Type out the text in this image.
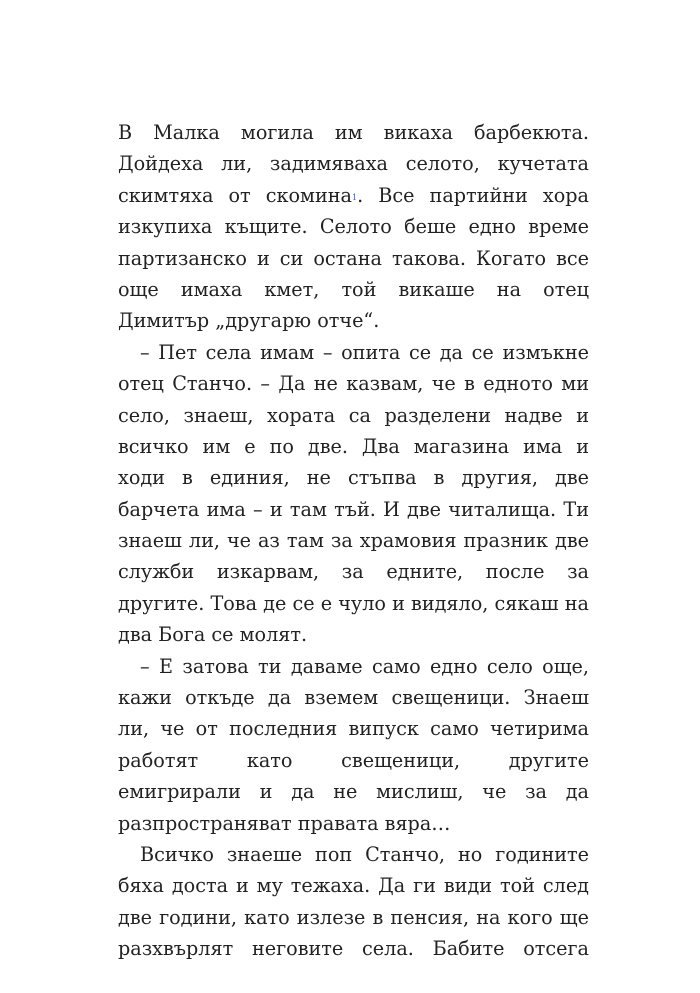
В Малка могила им викаха барбекюта.
Дойдеха ли, задимяваха селото, кучетата
скимтяха от скомина$^1$. Все партийни хора
изкупиха къщите. Селото беше едно време
партизанско и си остана такова. Когато все
още имаха кмет, той викаше на отец
Димитър „другарю отче“.
– Пет села имам – опита се да се измъкне
отец Станчо. – Да не казвам, че в едното ми
село, знаеш, хората са разделени надве и
всичко им е по две. Два магазина има и
ходи в единия, не стъпва в другия, две
барчета има – и там тъй. И две читалища. Ти
знаеш ли, че аз там за храмовия празник две
служби изкарвам, за едните, после за
другите. Това де се е чуло и видяло, сякаш на
два Бога се молят.
– Е затова ти даваме само едно село още,
кажи откъде да вземем свещеници. Знаеш
ли, че от последния випуск само четирима
работят като свещеници, другите
емигрирали и да не мислиш, че за да
разпространяват правата вяра…
Всичко знаеше поп Станчо, но годините
бяха доста и му тежаха. Да ги види той след
две години, като излезе в пенсия, на кого ще
разхвърлят неговите села. Бабите отсега
